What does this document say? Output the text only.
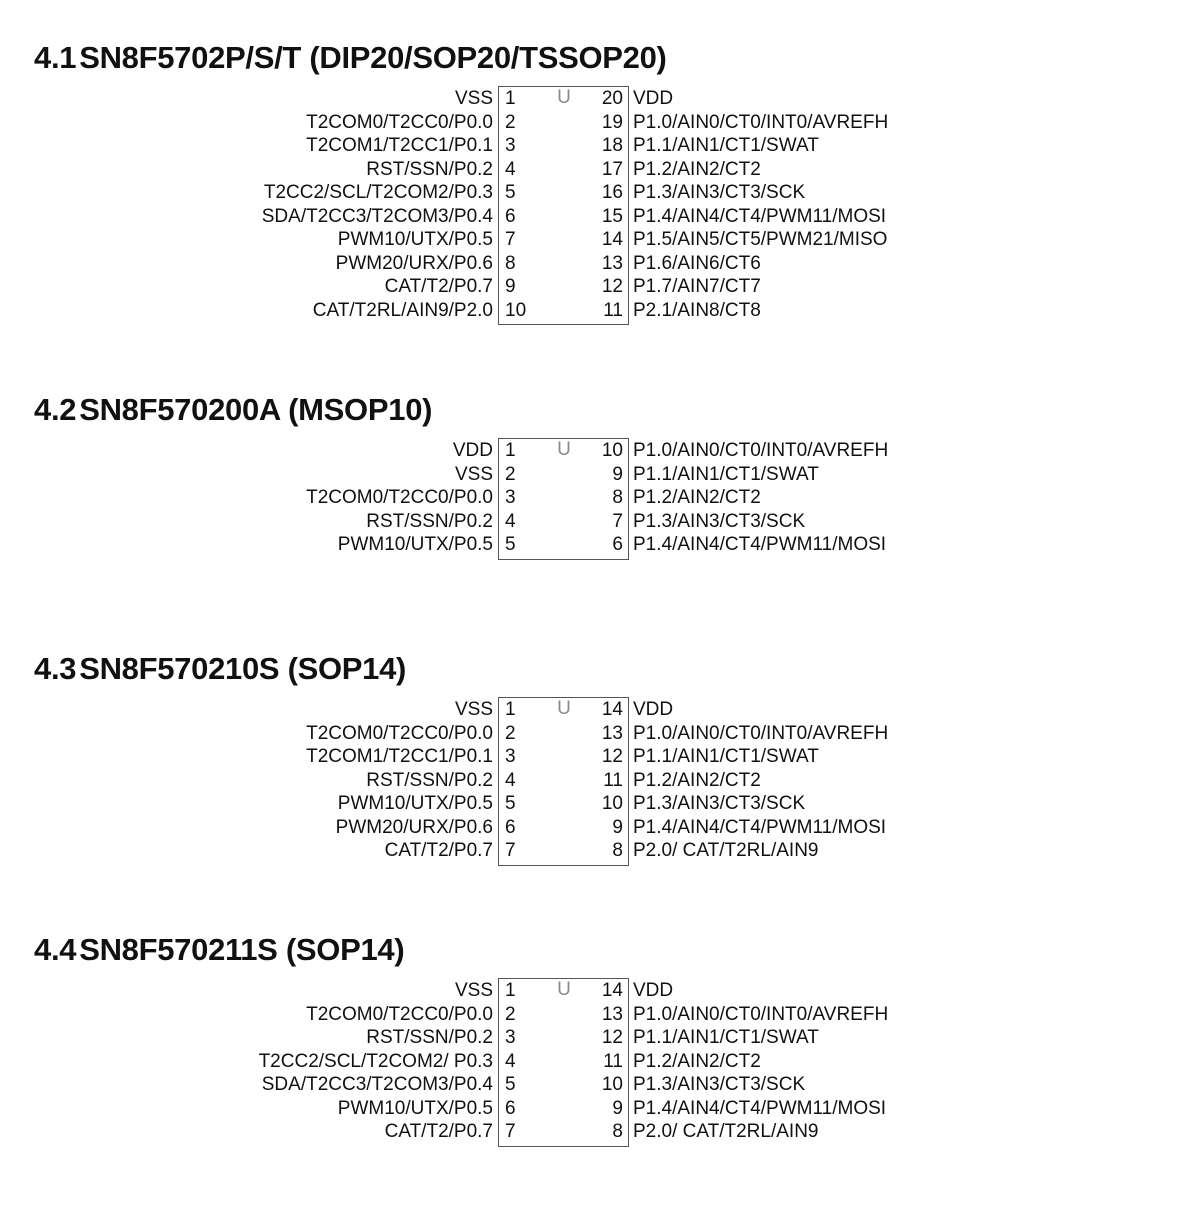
4.1SN8F5702P/S/T (DIP20/SOP20/TSSOP20)
U
VSS 1	20 VDD
T2COM0/T2CC0/P0.0 2	19 P1.0/AIN0/CT0/INT0/AVREFH
T2COM1/T2CC1/P0.1 3	18 P1.1/AIN1/CT1/SWAT
RST/SSN/P0.2 4	17 P1.2/AIN2/CT2
T2CC2/SCL/T2COM2/P0.3 5	16 P1.3/AIN3/CT3/SCK
SDA/T2CC3/T2COM3/P0.4 6	15 P1.4/AIN4/CT4/PWM11/MOSI
PWM10/UTX/P0.5 7	14 P1.5/AIN5/CT5/PWM21/MISO
PWM20/URX/P0.6 8	13 P1.6/AIN6/CT6
CAT/T2/P0.7 9	12 P1.7/AIN7/CT7
CAT/T2RL/AIN9/P2.0 10	11 P2.1/AIN8/CT8
4.2SN8F570200A (MSOP10)
U
VDD 1	10 P1.0/AIN0/CT0/INT0/AVREFH
VSS 2	9 P1.1/AIN1/CT1/SWAT
T2COM0/T2CC0/P0.0 3	8 P1.2/AIN2/CT2
RST/SSN/P0.2 4	7 P1.3/AIN3/CT3/SCK
PWM10/UTX/P0.5 5	6 P1.4/AIN4/CT4/PWM11/MOSI
4.3SN8F570210S (SOP14)
U
VSS 1	14 VDD
T2COM0/T2CC0/P0.0 2	13 P1.0/AIN0/CT0/INT0/AVREFH
T2COM1/T2CC1/P0.1 3	12 P1.1/AIN1/CT1/SWAT
RST/SSN/P0.2 4	11 P1.2/AIN2/CT2
PWM10/UTX/P0.5 5	10 P1.3/AIN3/CT3/SCK
PWM20/URX/P0.6 6	9 P1.4/AIN4/CT4/PWM11/MOSI
CAT/T2/P0.7 7	8 P2.0/ CAT/T2RL/AIN9
4.4SN8F570211S (SOP14)
U
VSS 1	14 VDD
T2COM0/T2CC0/P0.0 2	13 P1.0/AIN0/CT0/INT0/AVREFH
RST/SSN/P0.2 3	12 P1.1/AIN1/CT1/SWAT
T2CC2/SCL/T2COM2/ P0.3 4	11 P1.2/AIN2/CT2
SDA/T2CC3/T2COM3/P0.4 5	10 P1.3/AIN3/CT3/SCK
PWM10/UTX/P0.5 6	9 P1.4/AIN4/CT4/PWM11/MOSI
CAT/T2/P0.7 7	8 P2.0/ CAT/T2RL/AIN9
